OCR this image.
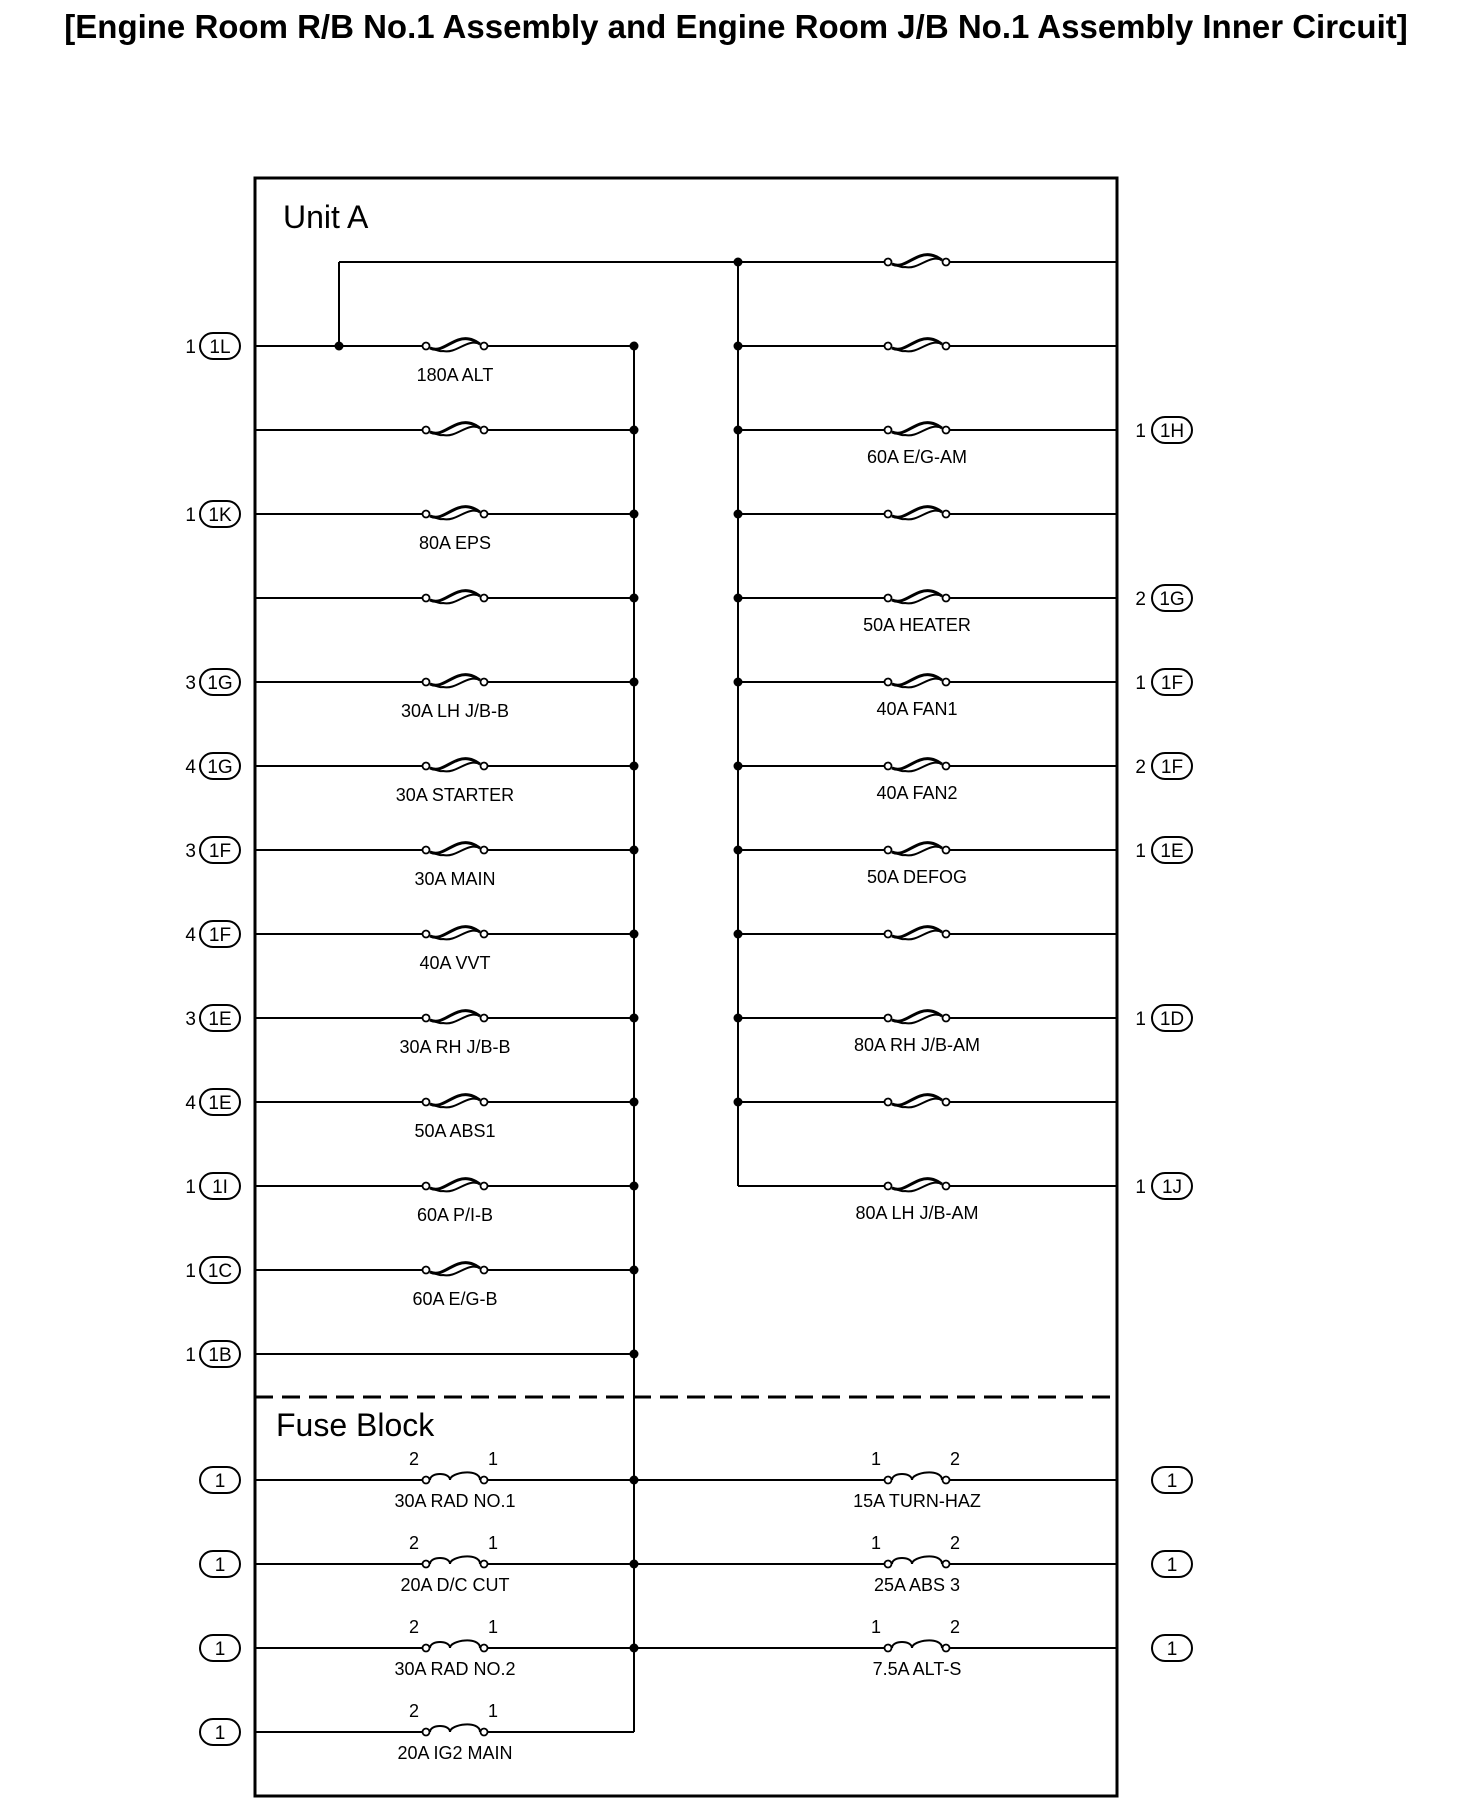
[Engine Room R/B No.1 Assembly and Engine Room J/B No.1 Assembly Inner Circuit]
Unit A
Fuse Block
180A ALT
1 1L
80A EPS
1 1K
30A LH J/B-B
3 1G
30A STARTER
4 1G
30A MAIN
3 1F
40A VVT
4 1F
30A RH J/B-B
3 1E
50A ABS1
4 1E
60A P/I-B
1 1I
60A E/G-B
1 1C
1 1B
60A E/G-AM
1 1H
50A HEATER
2 1G
40A FAN1
1 1F
40A FAN2
2 1F
50A DEFOG
1 1E
80A RH J/B-AM
1 1D
80A LH J/B-AM
1 1J
2	1
30A RAD NO.1
1
2	1
20A D/C CUT
1
2	1
30A RAD NO.2
1
2	1
20A IG2 MAIN
1
1	2
15A TURN-HAZ
1
1	2
25A ABS 3
1
1	2
7.5A ALT-S
1
